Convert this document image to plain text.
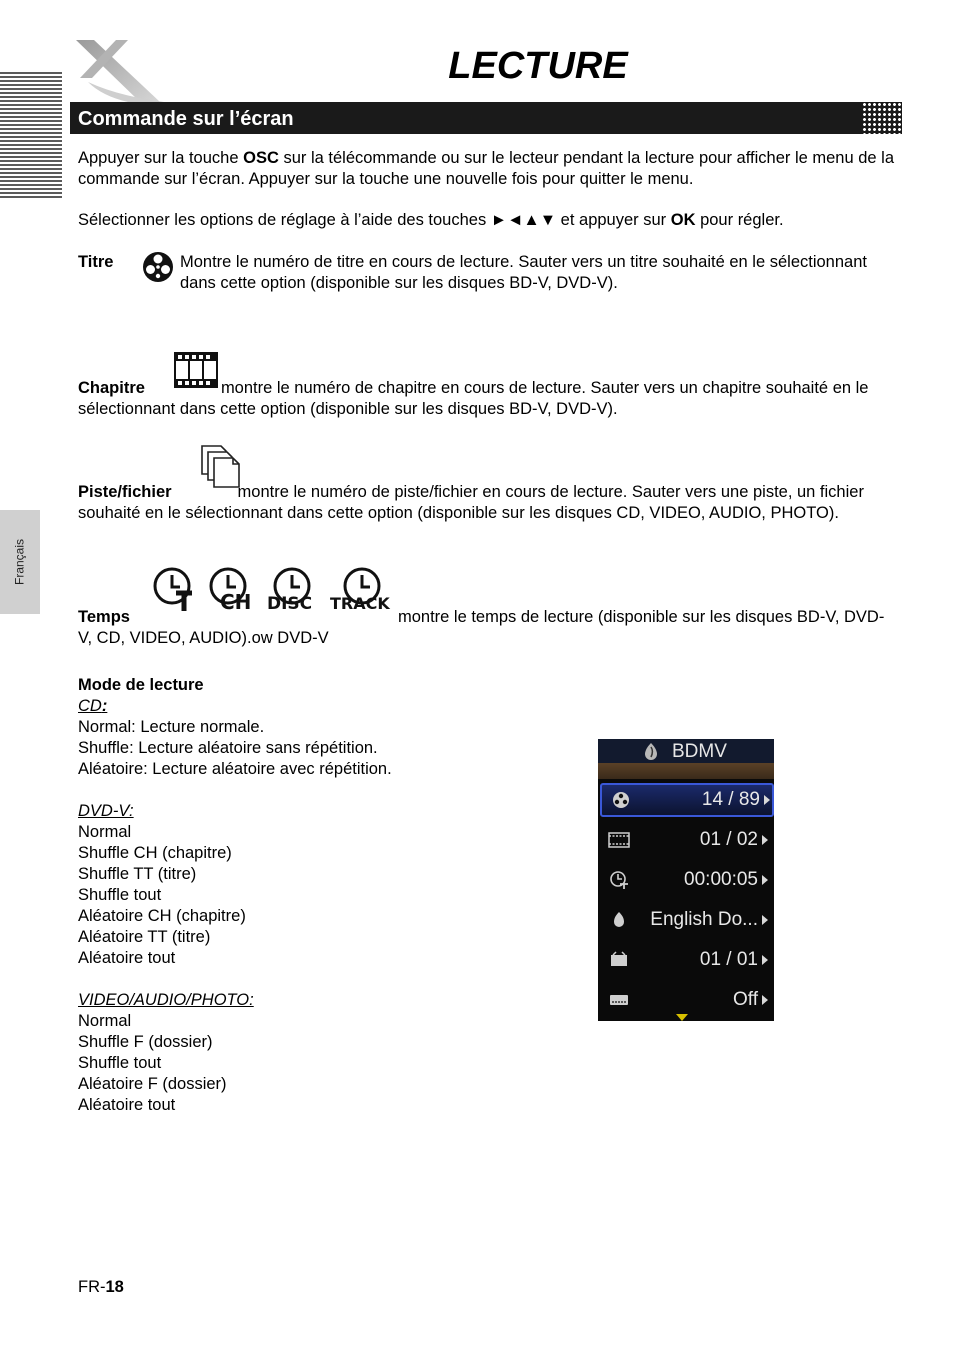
Français
LECTURE
Commande sur l’écran

Appuyer sur la touche OSC sur la télécommande ou sur le lecteur pendant la lecture pour afficher le menu de la commande sur l’écran. Appuyer sur la touche une nouvelle fois pour quitter le menu.

Sélectionner les options de réglage à l’aide des touches ►◄▲▼ et appuyer sur OK pour régler.

Titre	Montre le numéro de titre en cours de lecture. Sauter vers un titre souhaité en le sélectionnant dans cette option (disponible sur les disques BD-V, DVD-V).

Chapitre	montre le numéro de chapitre en cours de lecture. Sauter vers un chapitre souhaité en le sélectionnant dans cette option (disponible sur les disques BD-V, DVD-V).

Piste/fichier	montre le numéro de piste/fichier en cours de lecture. Sauter vers une piste, un fichier souhaité en le sélectionnant dans cette option (disponible sur les disques CD, VIDEO, AUDIO, PHOTO).

CH DISC TRACK

Temps	montre le temps de lecture (disponible sur les disques BD-V, DVD-V, CD, VIDEO, AUDIO).ow DVD-V

Mode de lecture
CD:
Normal: Lecture normale.
Shuffle: Lecture aléatoire sans répétition.
Aléatoire: Lecture aléatoire avec répétition.

DVD-V:
Normal
Shuffle CH (chapitre)
Shuffle TT (titre)
Shuffle tout
Aléatoire CH (chapitre)
Aléatoire TT (titre)
Aléatoire tout

VIDEO/AUDIO/PHOTO:
Normal
Shuffle F (dossier)
Shuffle tout
Aléatoire F (dossier)
Aléatoire tout
BDMV
14 / 89
01 / 02
00:00:05
English Do...
01 / 01
Off
FR-18
